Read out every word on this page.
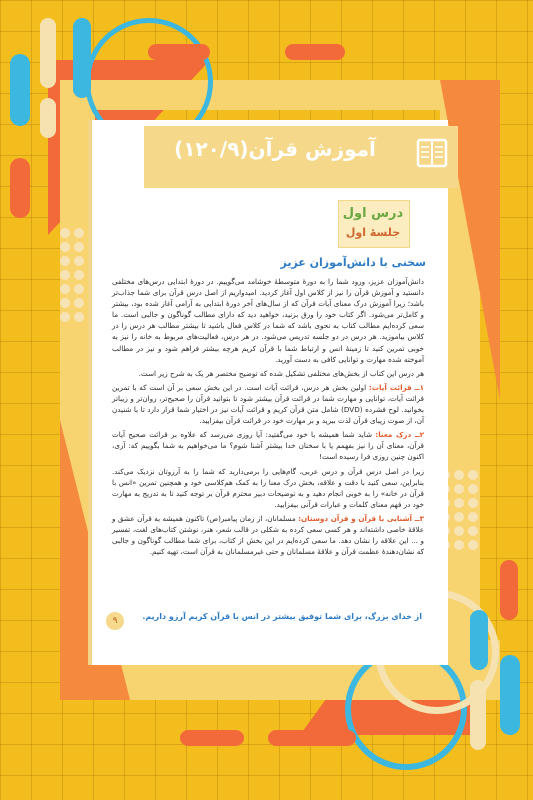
آموزش قرآن(۱۲۰/۹)
درس اول
جلسهٔ اول
سخنی با دانش‌آموزان عزیز

دانش‌آموزان عزیز، ورود شما را به دورهٔ متوسطهٔ خوشامد می‌گوییم. در دورهٔ ابتدایی درس‌های مختلفی دانستید و آموزش قرآن را نیز از کلاس اول آغاز کردید. امیدواریم از اصل درس قرآن برای شما جذاب‌تر باشد؛ زیرا آموزش درک معنای آیات قرآن که از سال‌های آخر دورهٔ ابتدایی به آرامی آغاز شده بود، بیشتر و کامل‌تر می‌شود. اگر کتاب خود را ورق بزنید، خواهید دید که دارای مطالب گوناگون و جالبی است. ما سعی کرده‌ایم مطالب کتاب به نحوی باشد که شما در کلاس فعال باشید تا بیشتر مطالب هر درس را در کلاس بیاموزید. هر درس در دو جلسه تدریس می‌شود. در هر درس، فعالیت‌های مربوط به خانه را نیز به خوبی تمرین کنید تا زمینهٔ انس و ارتباط شما با قرآن کریم هرچه بیشتر فراهم شود و نیز در مطالب آموخته شده مهارت و توانایی کافی به دست آورید.

هر درس این کتاب از بخش‌های مختلفی تشکیل شده که توضیح مختصر هر یک به شرح زیر است.

۱ــ قرائت آیات: اولین بخش هر درس، قرائت آیات است. در این بخش سعی بر آن است که با تمرین قرائت آیات، توانایی و مهارت شما در قرائت قرآن بیشتر شود تا بتوانید قرآن را صحیح‌تر، روان‌تر و زیباتر بخوانید. لوح فشرده (DVD) شامل متن قرآن کریم و قرائت آیات نیز در اختیار شما قرار دارد تا با شنیدن آن، از صوت زیبای قرآن لذت ببرید و بر مهارت خود در قرائت قرآن بیفزایید.

۲ــ درک معنا: شاید شما همیشه با خود می‌گفتید: آیا روزی می‌رسد که علاوه بر قرائت صحیح آیات قرآن، معنای آن را نیز بفهمم یا با سخنان خدا بیشتر آشنا شوم؟ ما می‌خواهیم به شما بگوییم که: آری، اکنون چنین روزی فرا رسیده است!

زیرا در اصل درس قرآن و درس عربی، گام‌هایی را برمی‌دارید که شما را به آرزوتان نزدیک می‌کند. بنابراین، سعی کنید با دقت و علاقه، بخش درک معنا را به کمک هم‌کلاسی خود و همچنین تمرین «انس با قرآن در خانه» را به خوبی انجام دهید و به توضیحات دبیر محترم قرآن بر توجه کنید تا به تدریج به مهارت خود در فهم معنای کلمات و عبارات قرآنی بیفزایید.

۳ــ آشنایی با قرآن و قرآن دوستان: مسلمانان، از زمان پیامبر(ص) تاکنون همیشه به قرآن عشق و علاقهٔ خاصی داشته‌اند و هر کسی سعی کرده به شکلی در قالب شعر، هنر، نوشتن کتاب‌های لغت، تفسیر و ... این علاقه را نشان دهد. ما سعی کرده‌ایم در این بخش از کتاب، برای شما مطالب گوناگون و جالبی که نشان‌دهندهٔ عظمت قرآن و علاقهٔ مسلمانان و حتی غیرمسلمانان به قرآن است، تهیه کنیم.

از خدای بزرگ، برای شما توفیق بیشتر در انس با قرآن کریم آرزو داریم.
۹
